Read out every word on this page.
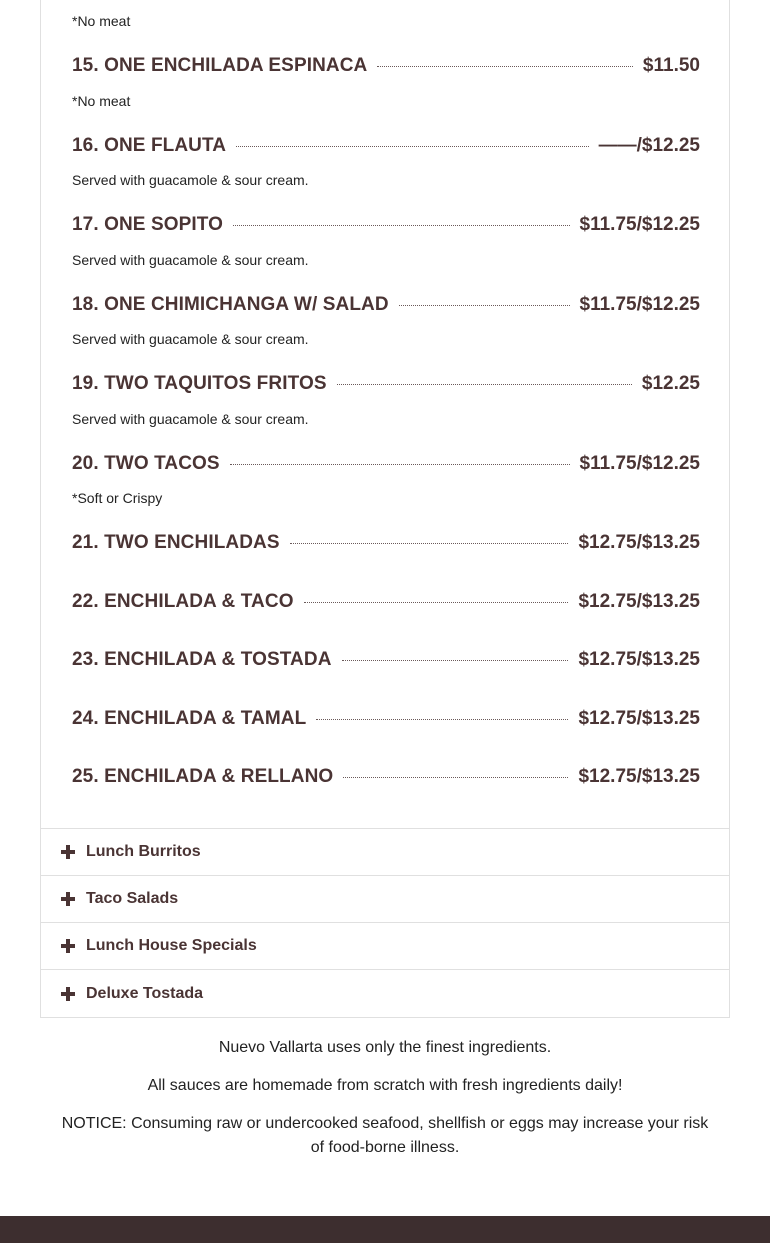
*No meat
15. ONE ENCHILADA ESPINACA	$11.50
*No meat
16. ONE FLAUTA	——/$12.25
Served with guacamole & sour cream.
17. ONE SOPITO	$11.75/$12.25
Served with guacamole & sour cream.
18. ONE CHIMICHANGA W/ SALAD	$11.75/$12.25
Served with guacamole & sour cream.
19. TWO TAQUITOS FRITOS	$12.25
Served with guacamole & sour cream.
20. TWO TACOS	$11.75/$12.25
*Soft or Crispy
21. TWO ENCHILADAS	$12.75/$13.25
22. ENCHILADA & TACO	$12.75/$13.25
23. ENCHILADA & TOSTADA	$12.75/$13.25
24. ENCHILADA & TAMAL	$12.75/$13.25
25. ENCHILADA & RELLANO	$12.75/$13.25
Lunch Burritos
Taco Salads
Lunch House Specials
Deluxe Tostada
Nuevo Vallarta uses only the finest ingredients.
All sauces are homemade from scratch with fresh ingredients daily!
NOTICE: Consuming raw or undercooked seafood, shellfish or eggs may increase your risk of food-borne illness.
